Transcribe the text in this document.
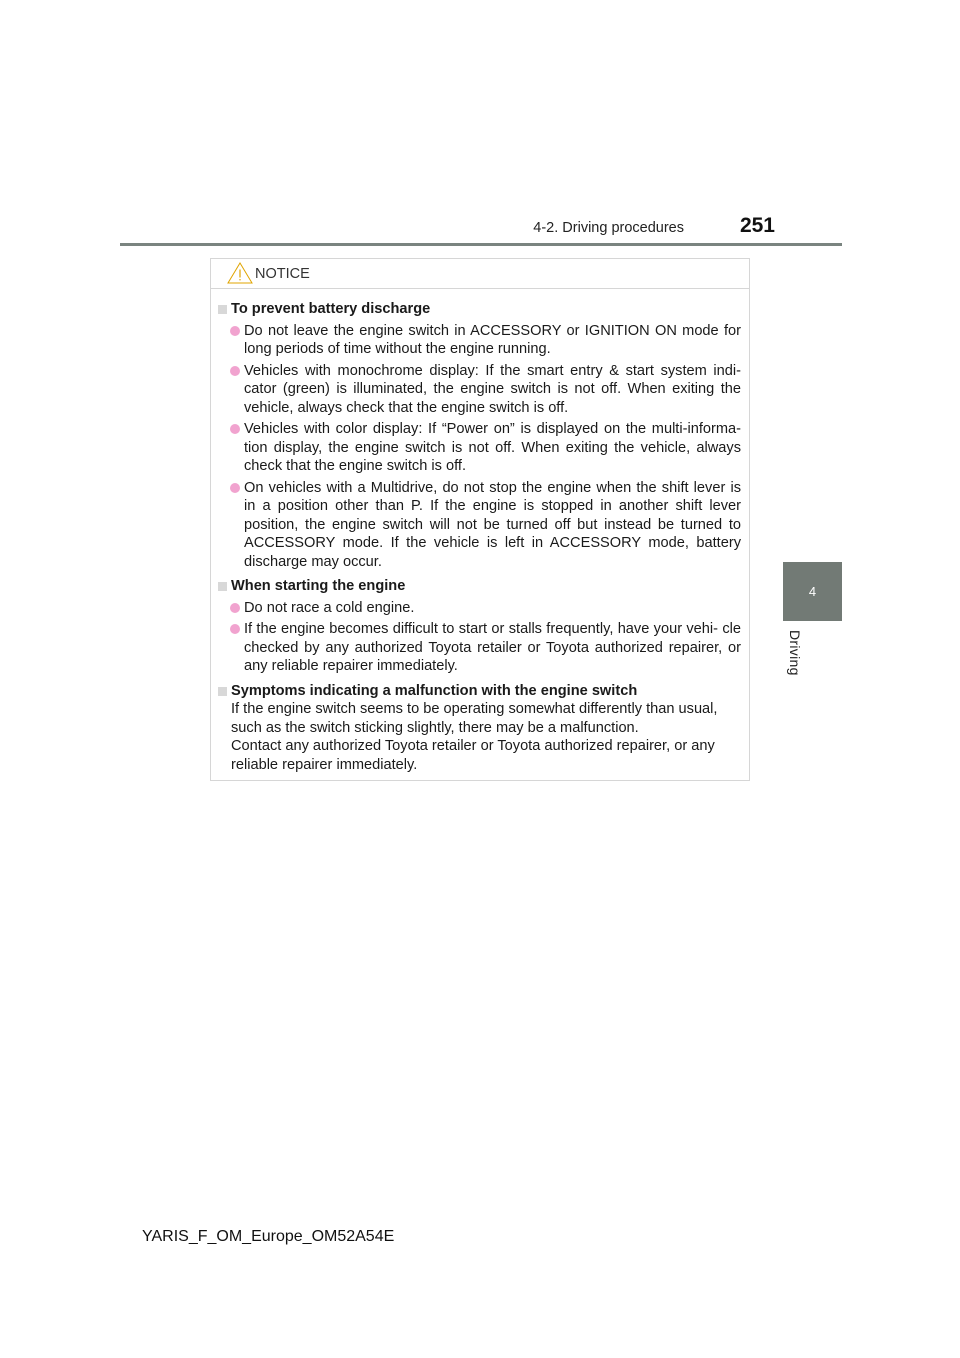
4-2. Driving procedures	251
4
Driving
NOTICE
To prevent battery discharge
Do not leave the engine switch in ACCESSORY or IGNITION ON mode for long periods of time without the engine running.
Vehicles with monochrome display: If the smart entry & start system indi- cator (green) is illuminated, the engine switch is not off. When exiting the vehicle, always check that the engine switch is off.
Vehicles with color display: If “Power on” is displayed on the multi-informa- tion display, the engine switch is not off. When exiting the vehicle, always check that the engine switch is off.
On vehicles with a Multidrive, do not stop the engine when the shift lever is in a position other than P. If the engine is stopped in another shift lever position, the engine switch will not be turned off but instead be turned to ACCESSORY mode. If the vehicle is left in ACCESSORY mode, battery discharge may occur.
When starting the engine
Do not race a cold engine.
If the engine becomes difficult to start or stalls frequently, have your vehi- cle checked by any authorized Toyota retailer or Toyota authorized repairer, or any reliable repairer immediately.
Symptoms indicating a malfunction with the engine switch
If the engine switch seems to be operating somewhat differently than usual, such as the switch sticking slightly, there may be a malfunction.
Contact any authorized Toyota retailer or Toyota authorized repairer, or any reliable repairer immediately.
YARIS_F_OM_Europe_OM52A54E
